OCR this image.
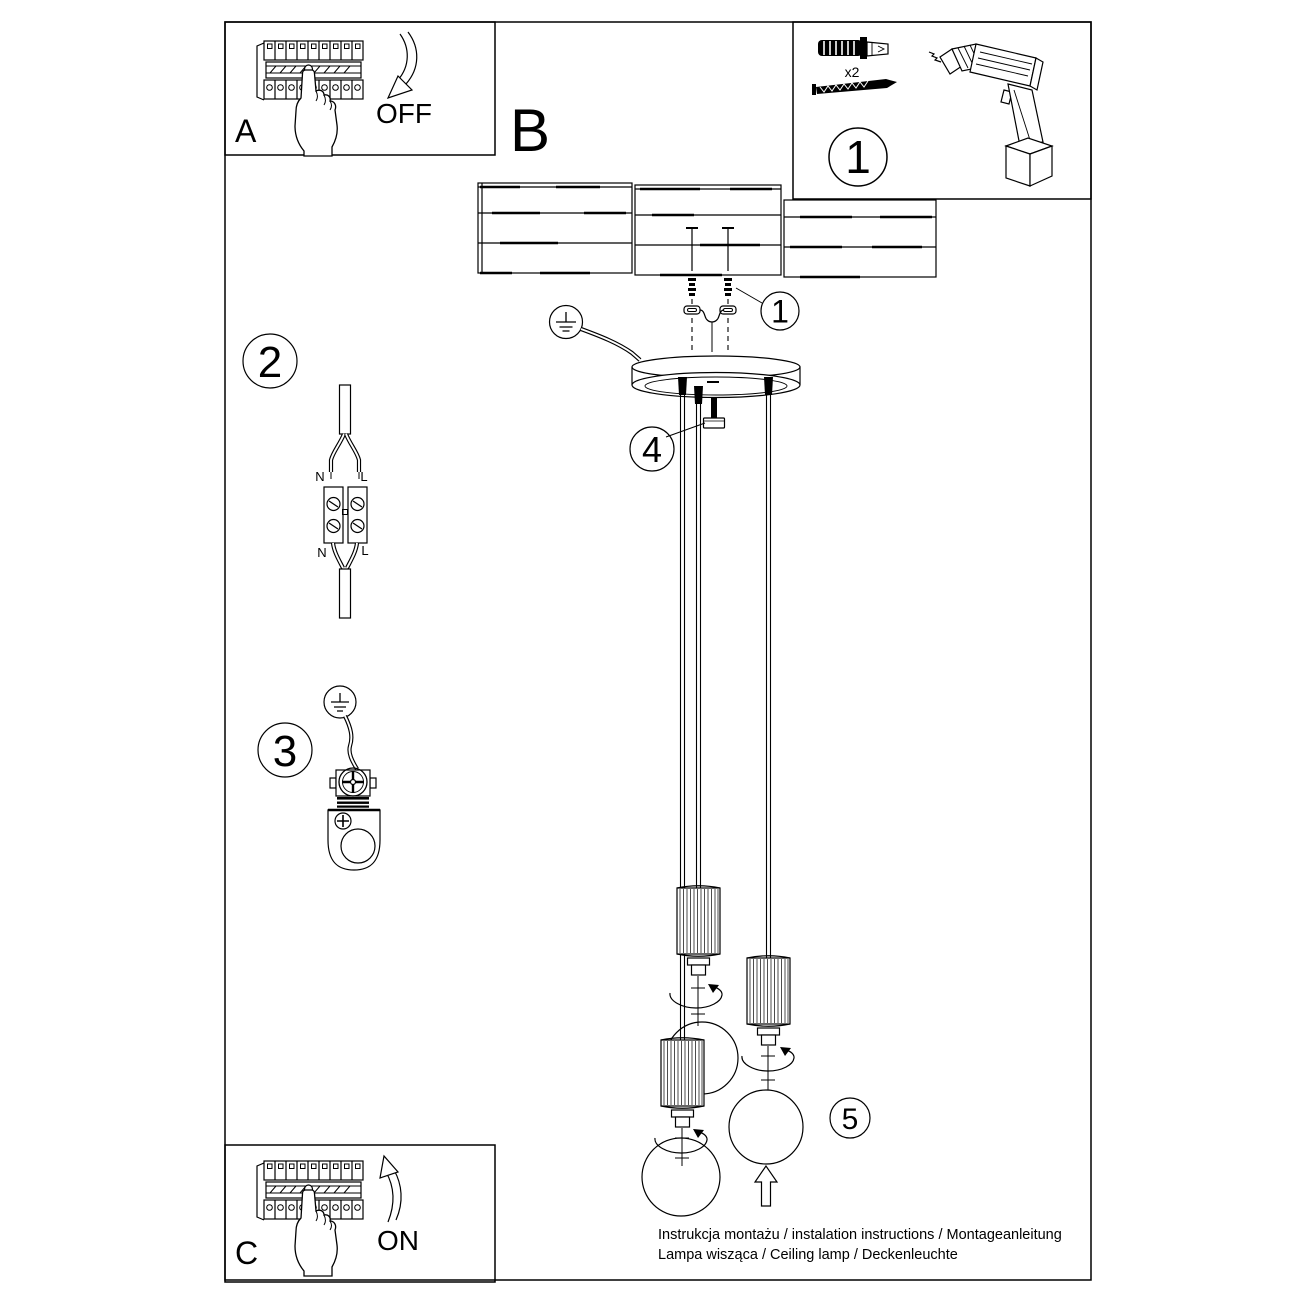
1
4
5
B
A	OFF
x2
1
2
N	L
N	L
3
C	ON	Instrukcja montażu / instalation instructions / Montageanleitung
Lampa wisząca / Ceiling lamp / Deckenleuchte
